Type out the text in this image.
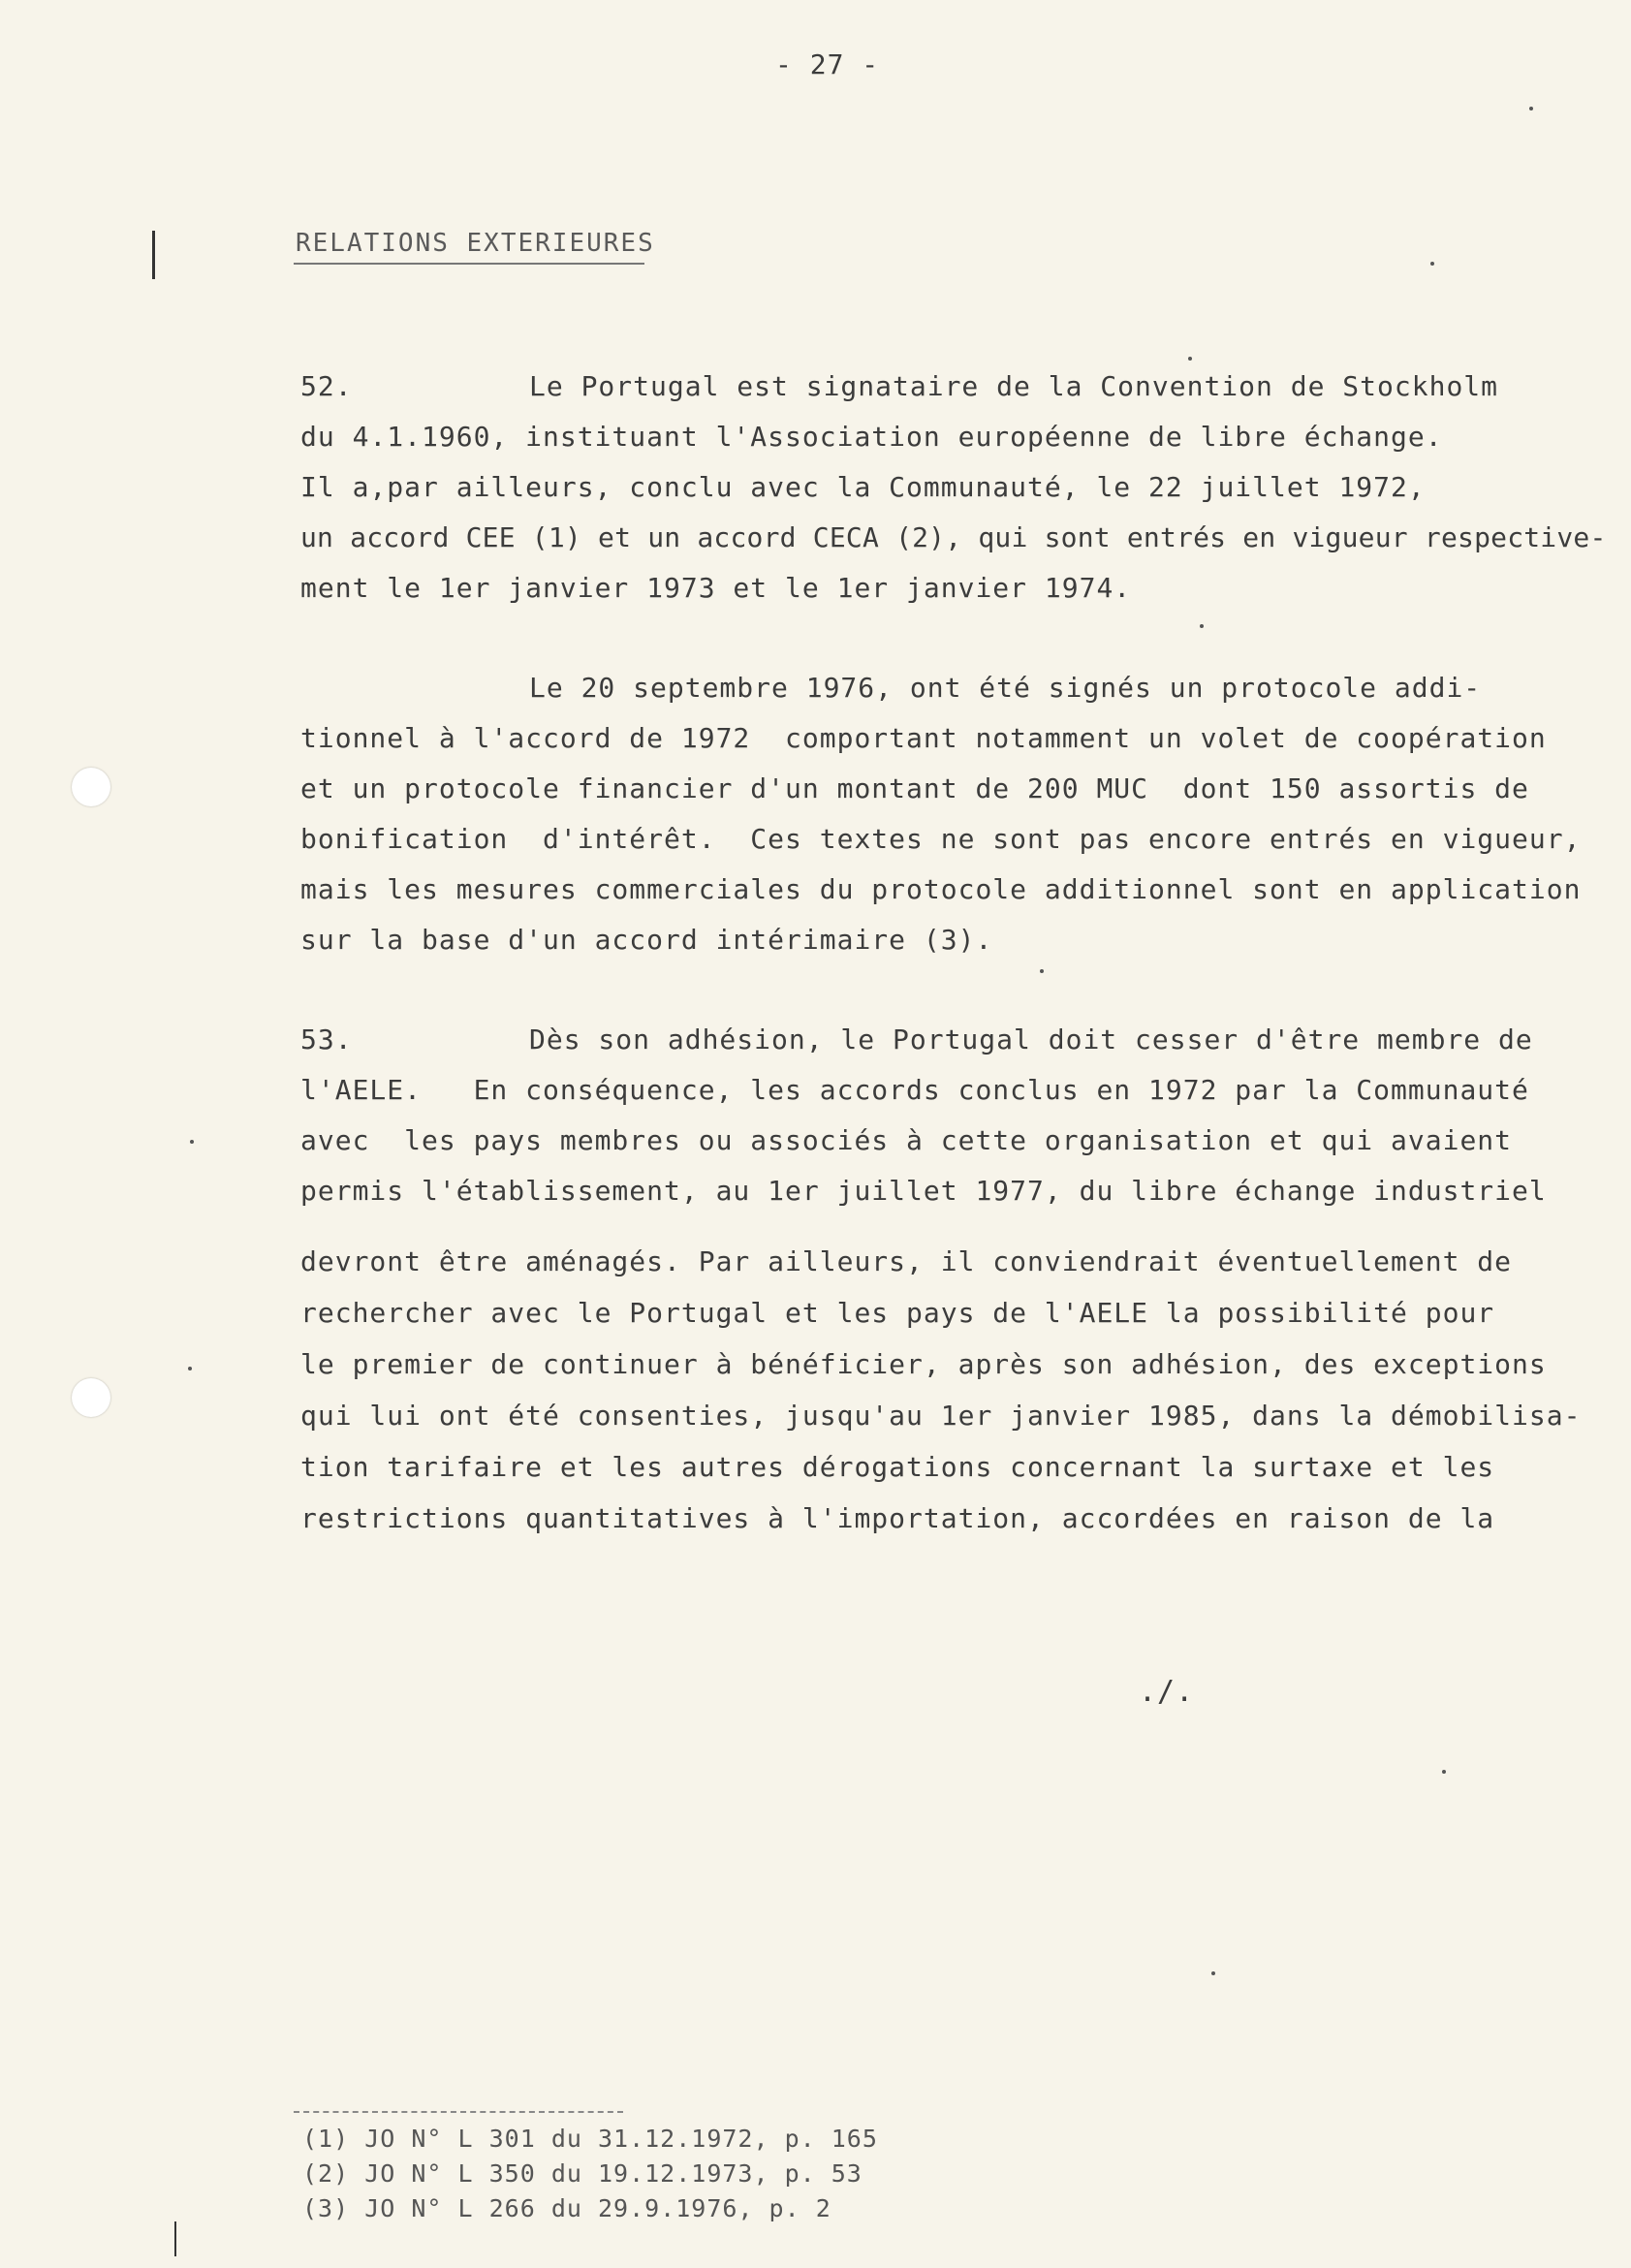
- 27 -
RELATIONS EXTERIEURES
52.	Le Portugal est signataire de la Convention de Stockholm
du 4.1.1960, instituant l'Association européenne de libre échange.
Il a,par ailleurs, conclu avec la Communauté, le 22 juillet 1972,
un accord CEE (1) et un accord CECA (2), qui sont entrés en vigueur respective-
ment le 1er janvier 1973 et le 1er janvier 1974.
Le 20 septembre 1976, ont été signés un protocole addi-
tionnel à l'accord de 1972  comportant notamment un volet de coopération
et un protocole financier d'un montant de 200 MUC  dont 150 assortis de
bonification  d'intérêt.  Ces textes ne sont pas encore entrés en vigueur,
mais les mesures commerciales du protocole additionnel sont en application
sur la base d'un accord intérimaire (3).
53.	Dès son adhésion, le Portugal doit cesser d'être membre de
l'AELE.   En conséquence, les accords conclus en 1972 par la Communauté
avec  les pays membres ou associés à cette organisation et qui avaient
permis l'établissement, au 1er juillet 1977, du libre échange industriel
devront être aménagés. Par ailleurs, il conviendrait éventuellement de
rechercher avec le Portugal et les pays de l'AELE la possibilité pour
le premier de continuer à bénéficier, après son adhésion, des exceptions
qui lui ont été consenties, jusqu'au 1er janvier 1985, dans la démobilisa-
tion tarifaire et les autres dérogations concernant la surtaxe et les
restrictions quantitatives à l'importation, accordées en raison de la
./.
(1) JO N° L 301 du 31.12.1972, p. 165
(2) JO N° L 350 du 19.12.1973, p. 53
(3) JO N° L 266 du 29.9.1976, p. 2
